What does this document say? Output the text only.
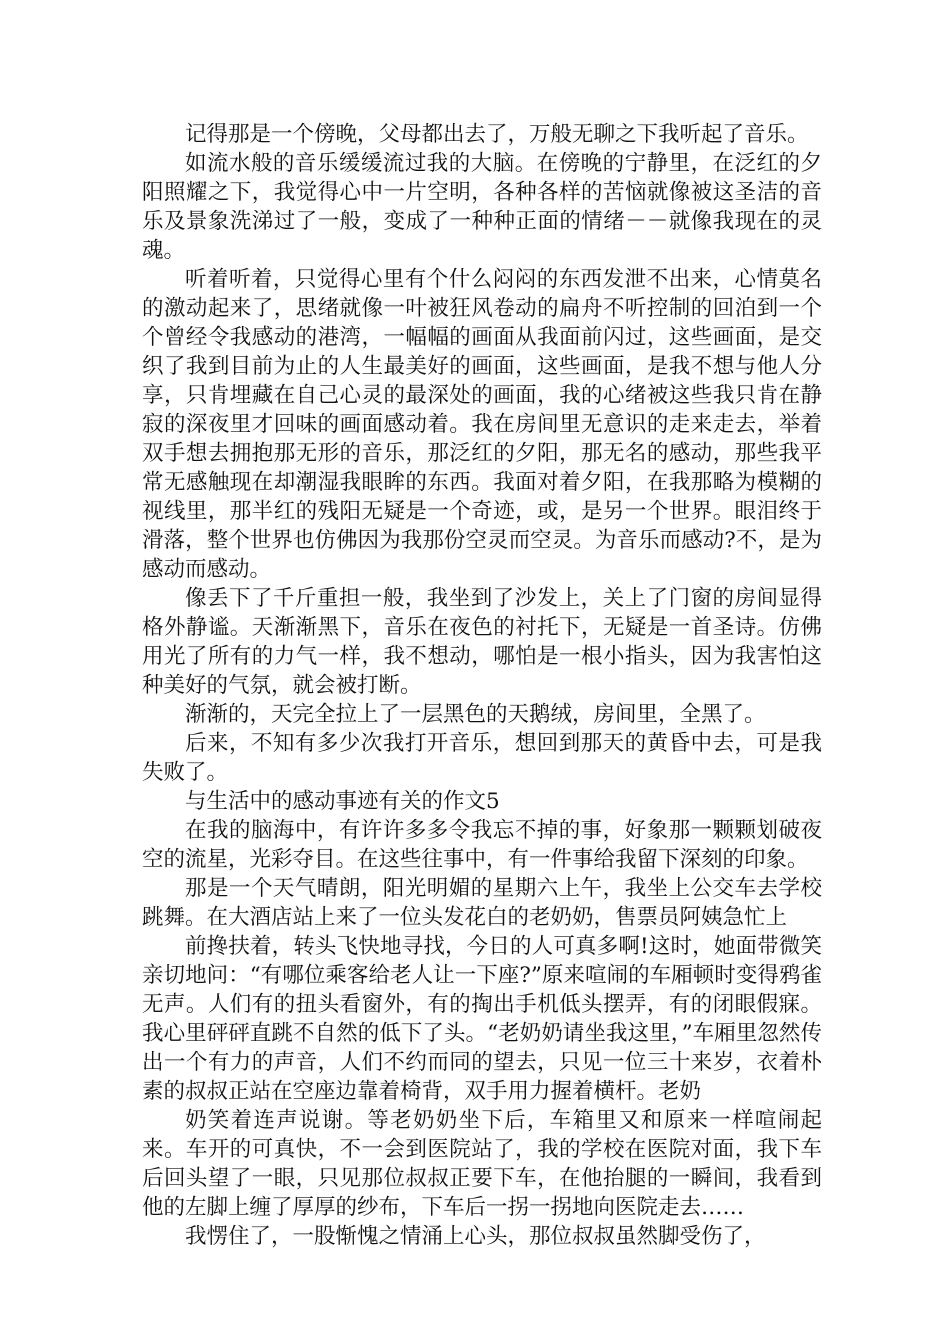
记得那是一个傍晚，父母都出去了，万般无聊之下我听起了音乐。

如流水般的音乐缓缓流过我的大脑。在傍晚的宁静里，在泛红的夕阳照耀之下，我觉得心中一片空明，各种各样的苦恼就像被这圣洁的音乐及景象洗涕过了一般，变成了一种种正面的情绪－－就像我现在的灵魂。

听着听着，只觉得心里有个什么闷闷的东西发泄不出来，心情莫名的激动起来了，思绪就像一叶被狂风卷动的扁舟不听控制的回泊到一个个曾经令我感动的港湾，一幅幅的画面从我面前闪过，这些画面，是交织了我到目前为止的人生最美好的画面，这些画面，是我不想与他人分享，只肯埋藏在自己心灵的最深处的画面，我的心绪被这些我只肯在静寂的深夜里才回味的画面感动着。我在房间里无意识的走来走去，举着双手想去拥抱那无形的音乐，那泛红的夕阳，那无名的感动，那些我平常无感触现在却潮湿我眼眸的东西。我面对着夕阳，在我那略为模糊的视线里，那半红的残阳无疑是一个奇迹，或，是另一个世界。眼泪终于滑落，整个世界也仿佛因为我那份空灵而空灵。为音乐而感动?不，是为感动而感动。

像丢下了千斤重担一般，我坐到了沙发上，关上了门窗的房间显得格外静谧。天渐渐黑下，音乐在夜色的衬托下，无疑是一首圣诗。仿佛用光了所有的力气一样，我不想动，哪怕是一根小指头，因为我害怕这种美好的气氛，就会被打断。

渐渐的，天完全拉上了一层黑色的天鹅绒，房间里，全黑了。

后来，不知有多少次我打开音乐，想回到那天的黄昏中去，可是我失败了。

与生活中的感动事迹有关的作文5

在我的脑海中，有许许多多令我忘不掉的事，好象那一颗颗划破夜空的流星，光彩夺目。在这些往事中，有一件事给我留下深刻的印象。

那是一个天气晴朗，阳光明媚的星期六上午，我坐上公交车去学校跳舞。在大酒店站上来了一位头发花白的老奶奶，售票员阿姨急忙上

前搀扶着，转头飞快地寻找，今日的人可真多啊!这时，她面带微笑亲切地问：“有哪位乘客给老人让一下座?”原来喧闹的车厢顿时变得鸦雀无声。人们有的扭头看窗外，有的掏出手机低头摆弄，有的闭眼假寐。我心里砰砰直跳不自然的低下了头。“老奶奶请坐我这里，”车厢里忽然传出一个有力的声音，人们不约而同的望去，只见一位三十来岁，衣着朴素的叔叔正站在空座边靠着椅背，双手用力握着横杆。老奶

奶笑着连声说谢。等老奶奶坐下后，车箱里又和原来一样喧闹起来。车开的可真快，不一会到医院站了，我的学校在医院对面，我下车后回头望了一眼，只见那位叔叔正要下车，在他抬腿的一瞬间，我看到他的左脚上缠了厚厚的纱布，下车后一拐一拐地向医院走去……

我愣住了，一股惭愧之情涌上心头，那位叔叔虽然脚受伤了，
